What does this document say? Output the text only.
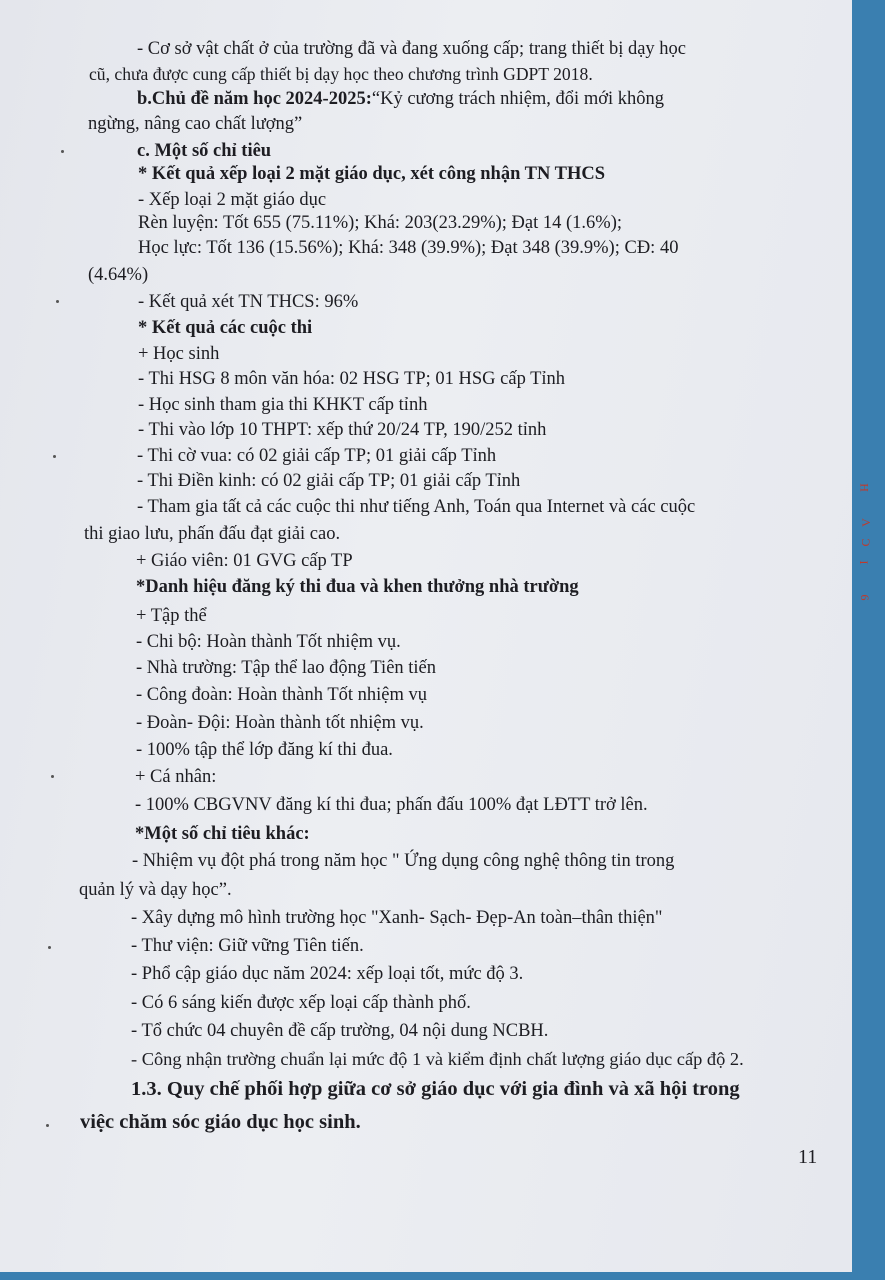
- Cơ sở vật chất ở của trường đã và đang xuống cấp; trang thiết bị dạy học
cũ, chưa được cung cấp thiết bị dạy học theo chương trình GDPT 2018.
b.Chủ đề năm học 2024-2025:“Kỷ cương trách nhiệm, đổi mới không
ngừng, nâng cao chất lượng”
c. Một số chỉ tiêu
* Kết quả xếp loại 2 mặt giáo dục, xét công nhận TN THCS
- Xếp loại 2 mặt giáo dục
Rèn luyện: Tốt 655 (75.11%); Khá: 203(23.29%); Đạt 14 (1.6%);
Học lực: Tốt 136 (15.56%); Khá: 348 (39.9%); Đạt 348 (39.9%); CĐ: 40
(4.64%)
- Kết quả xét TN THCS: 96%
* Kết quả các cuộc thi
+ Học sinh
- Thi HSG 8 môn văn hóa: 02 HSG TP; 01 HSG cấp Tỉnh
- Học sinh tham gia thi KHKT cấp tỉnh
- Thi vào lớp 10 THPT: xếp thứ 20/24 TP, 190/252 tỉnh
- Thi cờ vua: có 02 giải cấp TP; 01 giải cấp Tỉnh
- Thi Điền kinh: có 02 giải cấp TP; 01 giải cấp Tỉnh
- Tham gia tất cả các cuộc thi như tiếng Anh, Toán qua Internet và các cuộc
thi giao lưu, phấn đấu đạt giải cao.
+ Giáo viên: 01 GVG cấp TP
*Danh hiệu đăng ký thi đua và khen thưởng nhà trường
+ Tập thể
- Chi bộ: Hoàn thành Tốt nhiệm vụ.
- Nhà trường: Tập thể lao động Tiên tiến
- Công đoàn: Hoàn thành Tốt nhiệm vụ
- Đoàn- Đội: Hoàn thành tốt nhiệm vụ.
- 100% tập thể lớp đăng kí thi đua.
+ Cá nhân:
- 100% CBGVNV đăng kí thi đua; phấn đấu 100% đạt LĐTT trở lên.
*Một số chỉ tiêu khác:
- Nhiệm vụ đột phá trong năm học " Ứng dụng công nghệ thông tin trong
quản lý và dạy học”.
- Xây dựng mô hình trường học "Xanh- Sạch- Đẹp-An toàn–thân thiện"
- Thư viện: Giữ vững Tiên tiến.
- Phổ cập giáo dục năm 2024: xếp loại tốt, mức độ 3.
- Có 6 sáng kiến được xếp loại cấp thành phố.
- Tổ chức 04 chuyên đề cấp trường, 04 nội dung NCBH.
- Công nhận trường chuẩn lại mức độ 1 và kiểm định chất lượng giáo dục cấp độ 2.
1.3. Quy chế phối hợp giữa cơ sở giáo dục với gia đình và xã hội trong
việc chăm sóc giáo dục học sinh.
11
H
V
C
I
9
